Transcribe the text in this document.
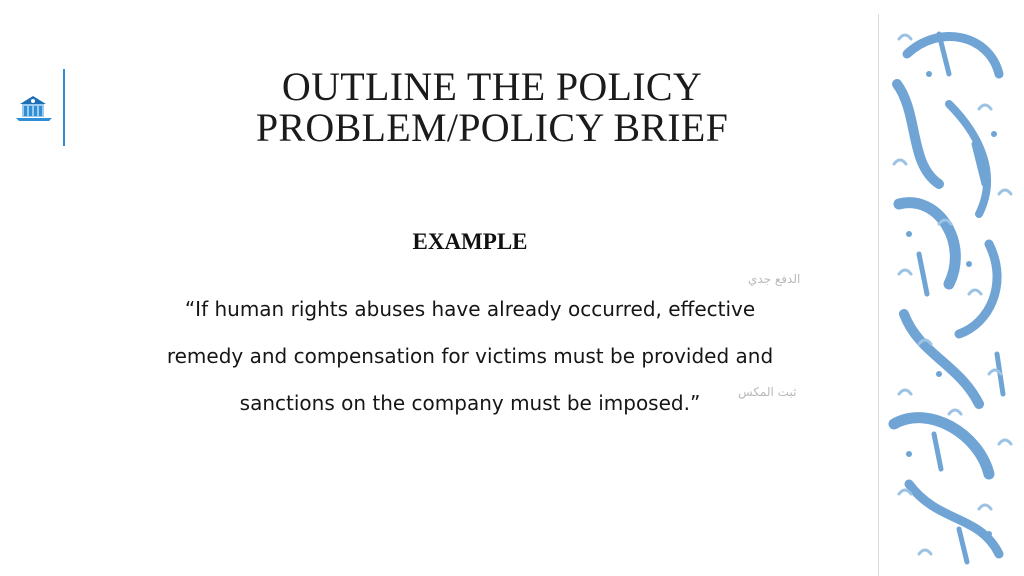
OUTLINE THE POLICY
PROBLEM/POLICY BRIEF
EXAMPLE
الدفع جدي
“If human rights abuses have already occurred, effective
remedy and compensation for victims must be provided and
sanctions on the company must be imposed.”	ثبت المكس
